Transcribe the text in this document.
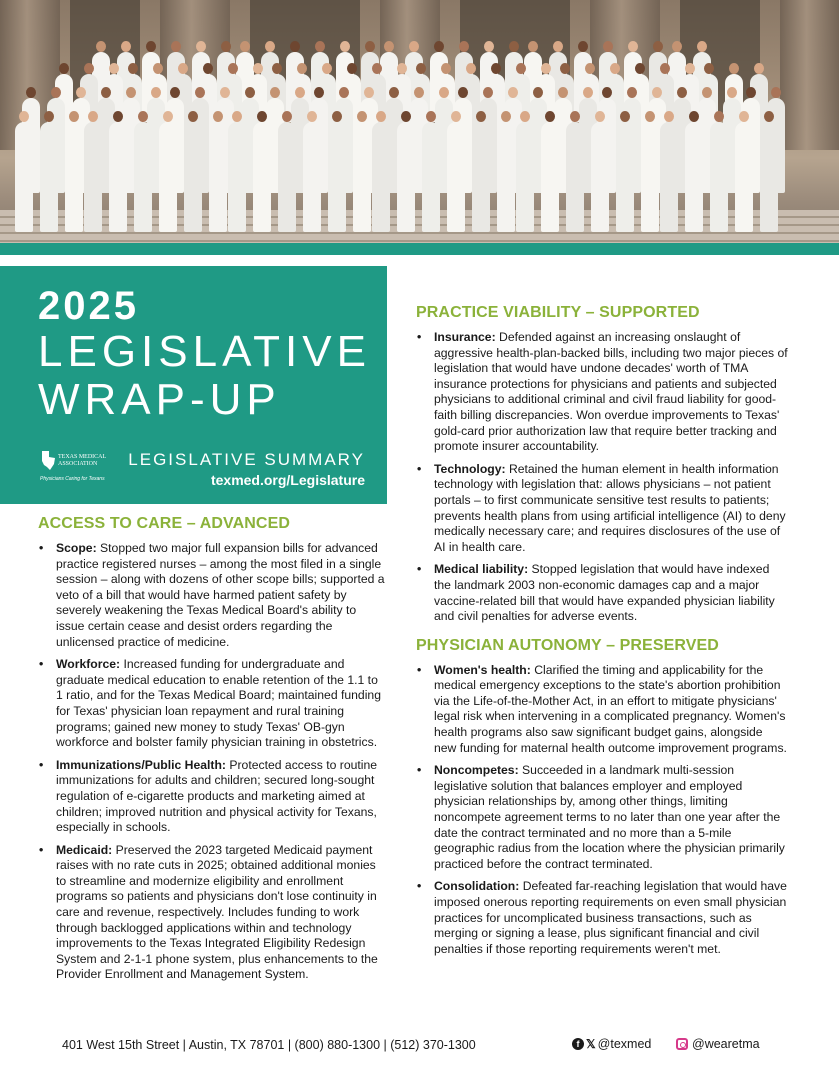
2025
LEGISLATIVE
WRAP-UP
TEXAS MEDICAL ASSOCIATION
Physicians Caring for Texans
LEGISLATIVE SUMMARY
texmed.org/Legislature
ACCESS TO CARE – ADVANCED
• Scope: Stopped two major full expansion bills for advanced practice registered nurses – among the most filed in a single session – along with dozens of other scope bills; supported a veto of a bill that would have harmed patient safety by severely weakening the Texas Medical Board's ability to issue certain cease and desist orders regarding the unlicensed practice of medicine.
• Workforce: Increased funding for undergraduate and graduate medical education to enable retention of the 1.1 to 1 ratio, and for the Texas Medical Board; maintained funding for Texas' physician loan repayment and rural training programs; gained new money to study Texas' OB-gyn workforce and bolster family physician training in obstetrics.
• Immunizations/Public Health: Protected access to routine immunizations for adults and children; secured long-sought regulation of e-cigarette products and marketing aimed at children; improved nutrition and physical activity for Texans, especially in schools.
• Medicaid: Preserved the 2023 targeted Medicaid payment raises with no rate cuts in 2025; obtained additional monies to streamline and modernize eligibility and enrollment programs so patients and physicians don't lose continuity in care and revenue, respectively. Includes funding to work through backlogged applications within and technology improvements to the Texas Integrated Eligibility Redesign System and 2-1-1 phone system, plus enhancements to the Provider Enrollment and Management System.
PRACTICE VIABILITY – SUPPORTED
• Insurance: Defended against an increasing onslaught of aggressive health-plan-backed bills, including two major pieces of legislation that would have undone decades' worth of TMA insurance protections for physicians and patients and subjected physicians to additional criminal and civil fraud liability for good-faith billing discrepancies. Won overdue improvements to Texas' gold-card prior authorization law that require better tracking and promote insurer accountability.
• Technology: Retained the human element in health information technology with legislation that: allows physicians – not patient portals – to first communicate sensitive test results to patients; prevents health plans from using artificial intelligence (AI) to deny medically necessary care; and requires disclosures of the use of AI in health care.
• Medical liability: Stopped legislation that would have indexed the landmark 2003 non-economic damages cap and a major vaccine-related bill that would have expanded physician liability and civil penalties for adverse events.
PHYSICIAN AUTONOMY – PRESERVED
• Women's health: Clarified the timing and applicability for the medical emergency exceptions to the state's abortion prohibition via the Life-of-the-Mother Act, in an effort to mitigate physicians' legal risk when intervening in a complicated pregnancy. Women's health programs also saw significant budget gains, alongside new funding for maternal health outcome improvement programs.
• Noncompetes: Succeeded in a landmark multi-session legislative solution that balances employer and employed physician relationships by, among other things, limiting noncompete agreement terms to no later than one year after the date the contract terminated and no more than a 5-mile geographic radius from the location where the physician primarily practiced before the contract terminated.
• Consolidation: Defeated far-reaching legislation that would have imposed onerous reporting requirements on even small physician practices for uncomplicated business transactions, such as merging or signing a lease, plus significant financial and civil penalties if those reporting requirements weren't met.
401 West 15th Street | Austin, TX 78701 | (800) 880-1300 | (512) 370-1300	f 𝕏 @texmed	@wearetma
